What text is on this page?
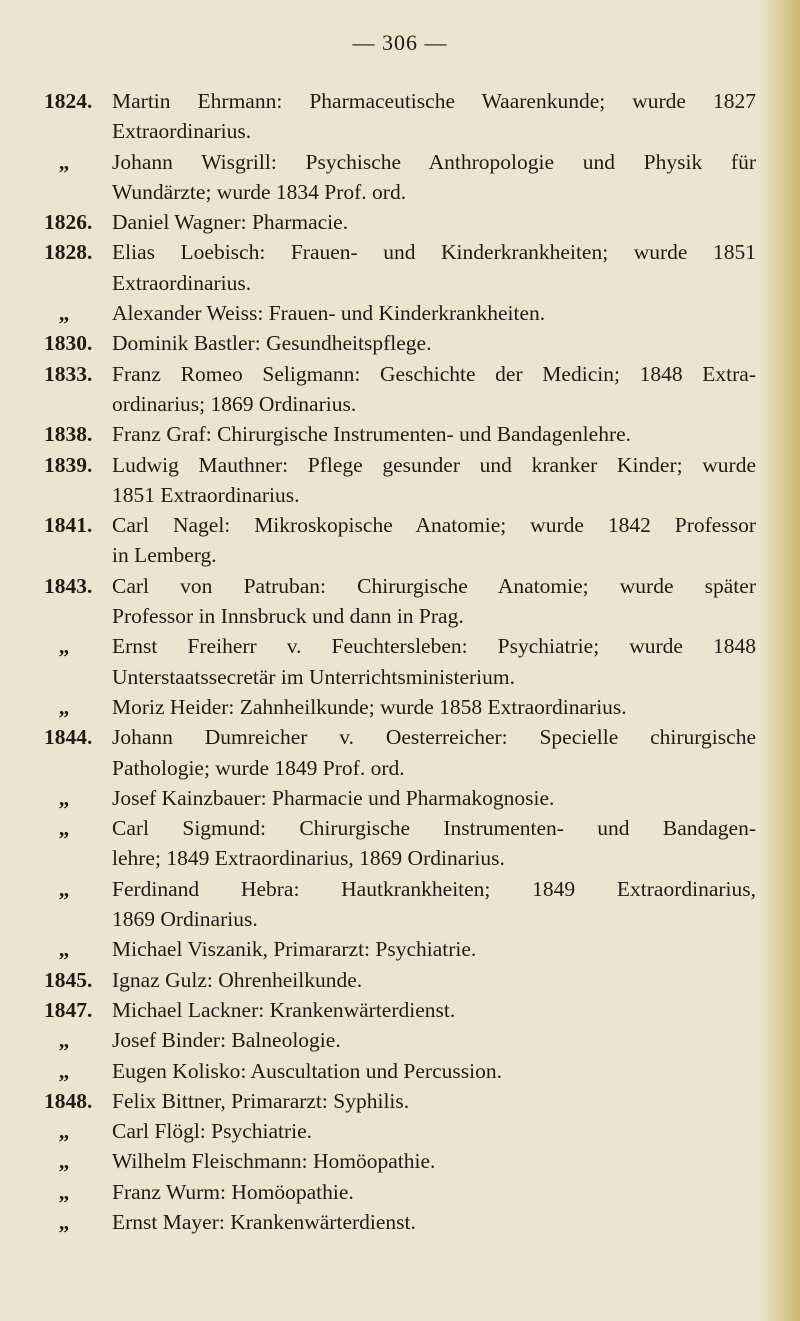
— 306 —
1824. Martin Ehrmann: Pharmaceutische Waarenkunde; wurde 1827
Extraordinarius.
„	Johann Wisgrill: Psychische Anthropologie und Physik für
Wundärzte; wurde 1834 Prof. ord.
1826. Daniel Wagner: Pharmacie.
1828. Elias Loebisch: Frauen- und Kinderkrankheiten; wurde 1851
Extraordinarius.
„	Alexander Weiss: Frauen- und Kinderkrankheiten.
1830. Dominik Bastler: Gesundheitspflege.
1833. Franz Romeo Seligmann: Geschichte der Medicin; 1848 Extra-
ordinarius; 1869 Ordinarius.
1838. Franz Graf: Chirurgische Instrumenten- und Bandagenlehre.
1839. Ludwig Mauthner: Pflege gesunder und kranker Kinder; wurde
1851 Extraordinarius.
1841. Carl Nagel: Mikroskopische Anatomie; wurde 1842 Professor
in Lemberg.
1843. Carl von Patruban: Chirurgische Anatomie; wurde später
Professor in Innsbruck und dann in Prag.
„	Ernst Freiherr v. Feuchtersleben: Psychiatrie; wurde 1848
Unterstaatssecretär im Unterrichtsministerium.
„	Moriz Heider: Zahnheilkunde; wurde 1858 Extraordinarius.
1844. Johann Dumreicher v. Oesterreicher: Specielle chirurgische
Pathologie; wurde 1849 Prof. ord.
„	Josef Kainzbauer: Pharmacie und Pharmakognosie.
„	Carl Sigmund: Chirurgische Instrumenten- und Bandagen-
lehre; 1849 Extraordinarius, 1869 Ordinarius.
„	Ferdinand Hebra: Hautkrankheiten; 1849 Extraordinarius,
1869 Ordinarius.
„	Michael Viszanik, Primararzt: Psychiatrie.
1845. Ignaz Gulz: Ohrenheilkunde.
1847. Michael Lackner: Krankenwärterdienst.
„	Josef Binder: Balneologie.
„	Eugen Kolisko: Auscultation und Percussion.
1848. Felix Bittner, Primararzt: Syphilis.
„	Carl Flögl: Psychiatrie.
„	Wilhelm Fleischmann: Homöopathie.
„	Franz Wurm: Homöopathie.
„	Ernst Mayer: Krankenwärterdienst.
